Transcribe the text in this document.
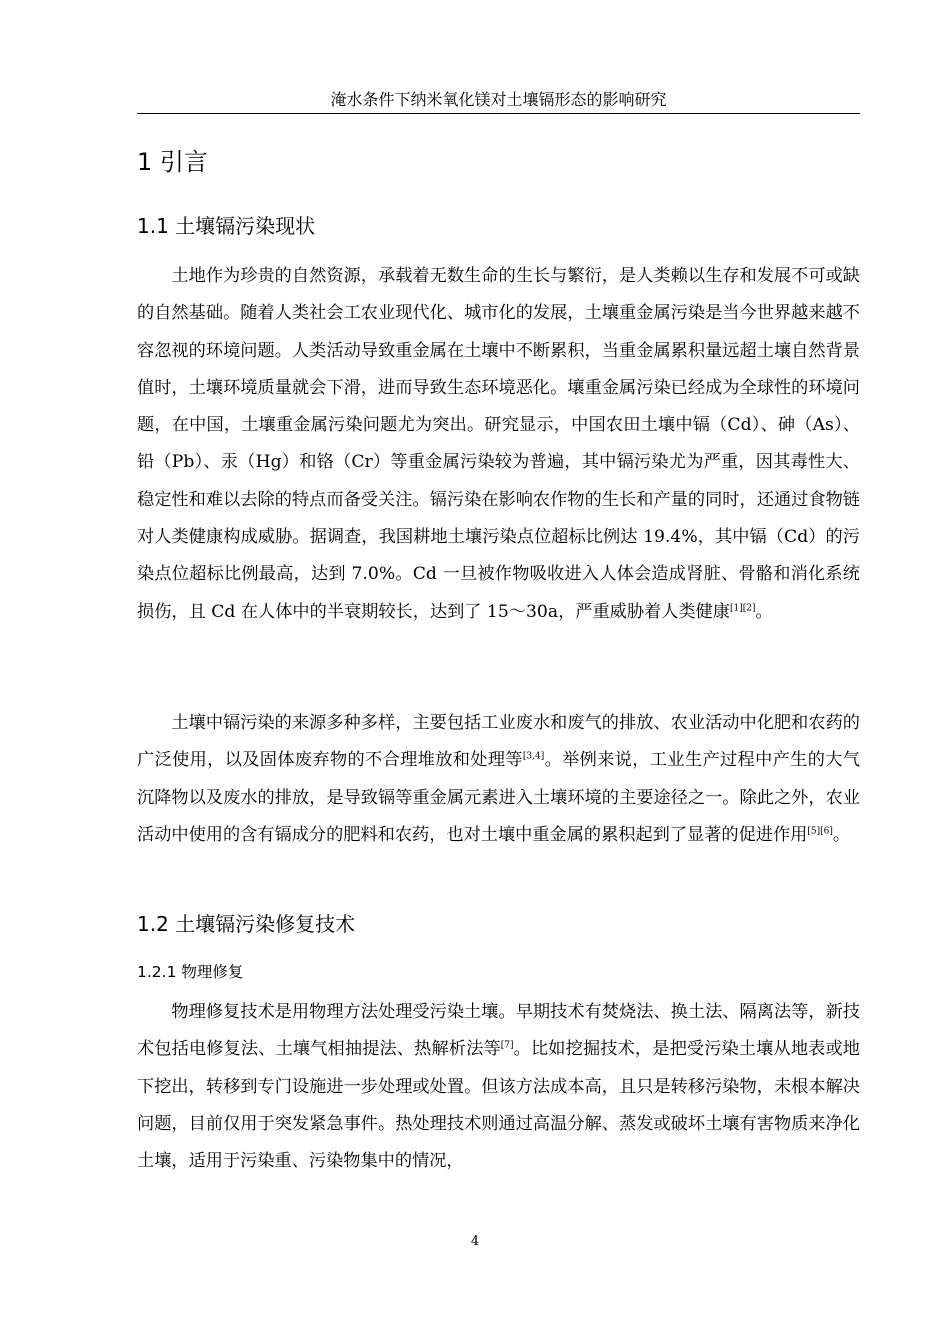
淹水条件下纳米氧化镁对土壤镉形态的影响研究
1 引言
1.1 土壤镉污染现状

土地作为珍贵的自然资源，承载着无数生命的生长与繁衍，是人类赖以生存和发展不可或缺的自然基础。随着人类社会工农业现代化、城市化的发展，土壤重金属污染是当今世界越来越不容忽视的环境问题。人类活动导致重金属在土壤中不断累积，当重金属累积量远超土壤自然背景值时，土壤环境质量就会下滑，进而导致生态环境恶化。壤重金属污染已经成为全球性的环境问题，在中国，土壤重金属污染问题尤为突出。研究显示，中国农田土壤中镉（Cd）、砷（As）、铅（Pb）、汞（Hg）和铬（Cr）等重金属污染较为普遍，其中镉污染尤为严重，因其毒性大、稳定性和难以去除的特点而备受关注。镉污染在影响农作物的生长和产量的同时，还通过食物链对人类健康构成威胁。据调查，我国耕地土壤污染点位超标比例达 19.4%，其中镉（Cd）的污染点位超标比例最高，达到 7.0%。Cd 一旦被作物吸收进入人体会造成肾脏、骨骼和消化系统损伤，且 Cd 在人体中的半衰期较长，达到了 15～30a，严重威胁着人类健康[1][2]。

土壤中镉污染的来源多种多样，主要包括工业废水和废气的排放、农业活动中化肥和农药的广泛使用，以及固体废弃物的不合理堆放和处理等[3,4]。举例来说，工业生产过程中产生的大气沉降物以及废水的排放，是导致镉等重金属元素进入土壤环境的主要途径之一。除此之外，农业活动中使用的含有镉成分的肥料和农药，也对土壤中重金属的累积起到了显著的促进作用[5][6]。

1.2 土壤镉污染修复技术
1.2.1 物理修复

物理修复技术是用物理方法处理受污染土壤。早期技术有焚烧法、换土法、隔离法等，新技术包括电修复法、土壤气相抽提法、热解析法等[7]。比如挖掘技术，是把受污染土壤从地表或地下挖出，转移到专门设施进一步处理或处置。但该方法成本高，且只是转移污染物，未根本解决问题，目前仅用于突发紧急事件。热处理技术则通过高温分解、蒸发或破坏土壤有害物质来净化土壤，适用于污染重、污染物集中的情况，

4
